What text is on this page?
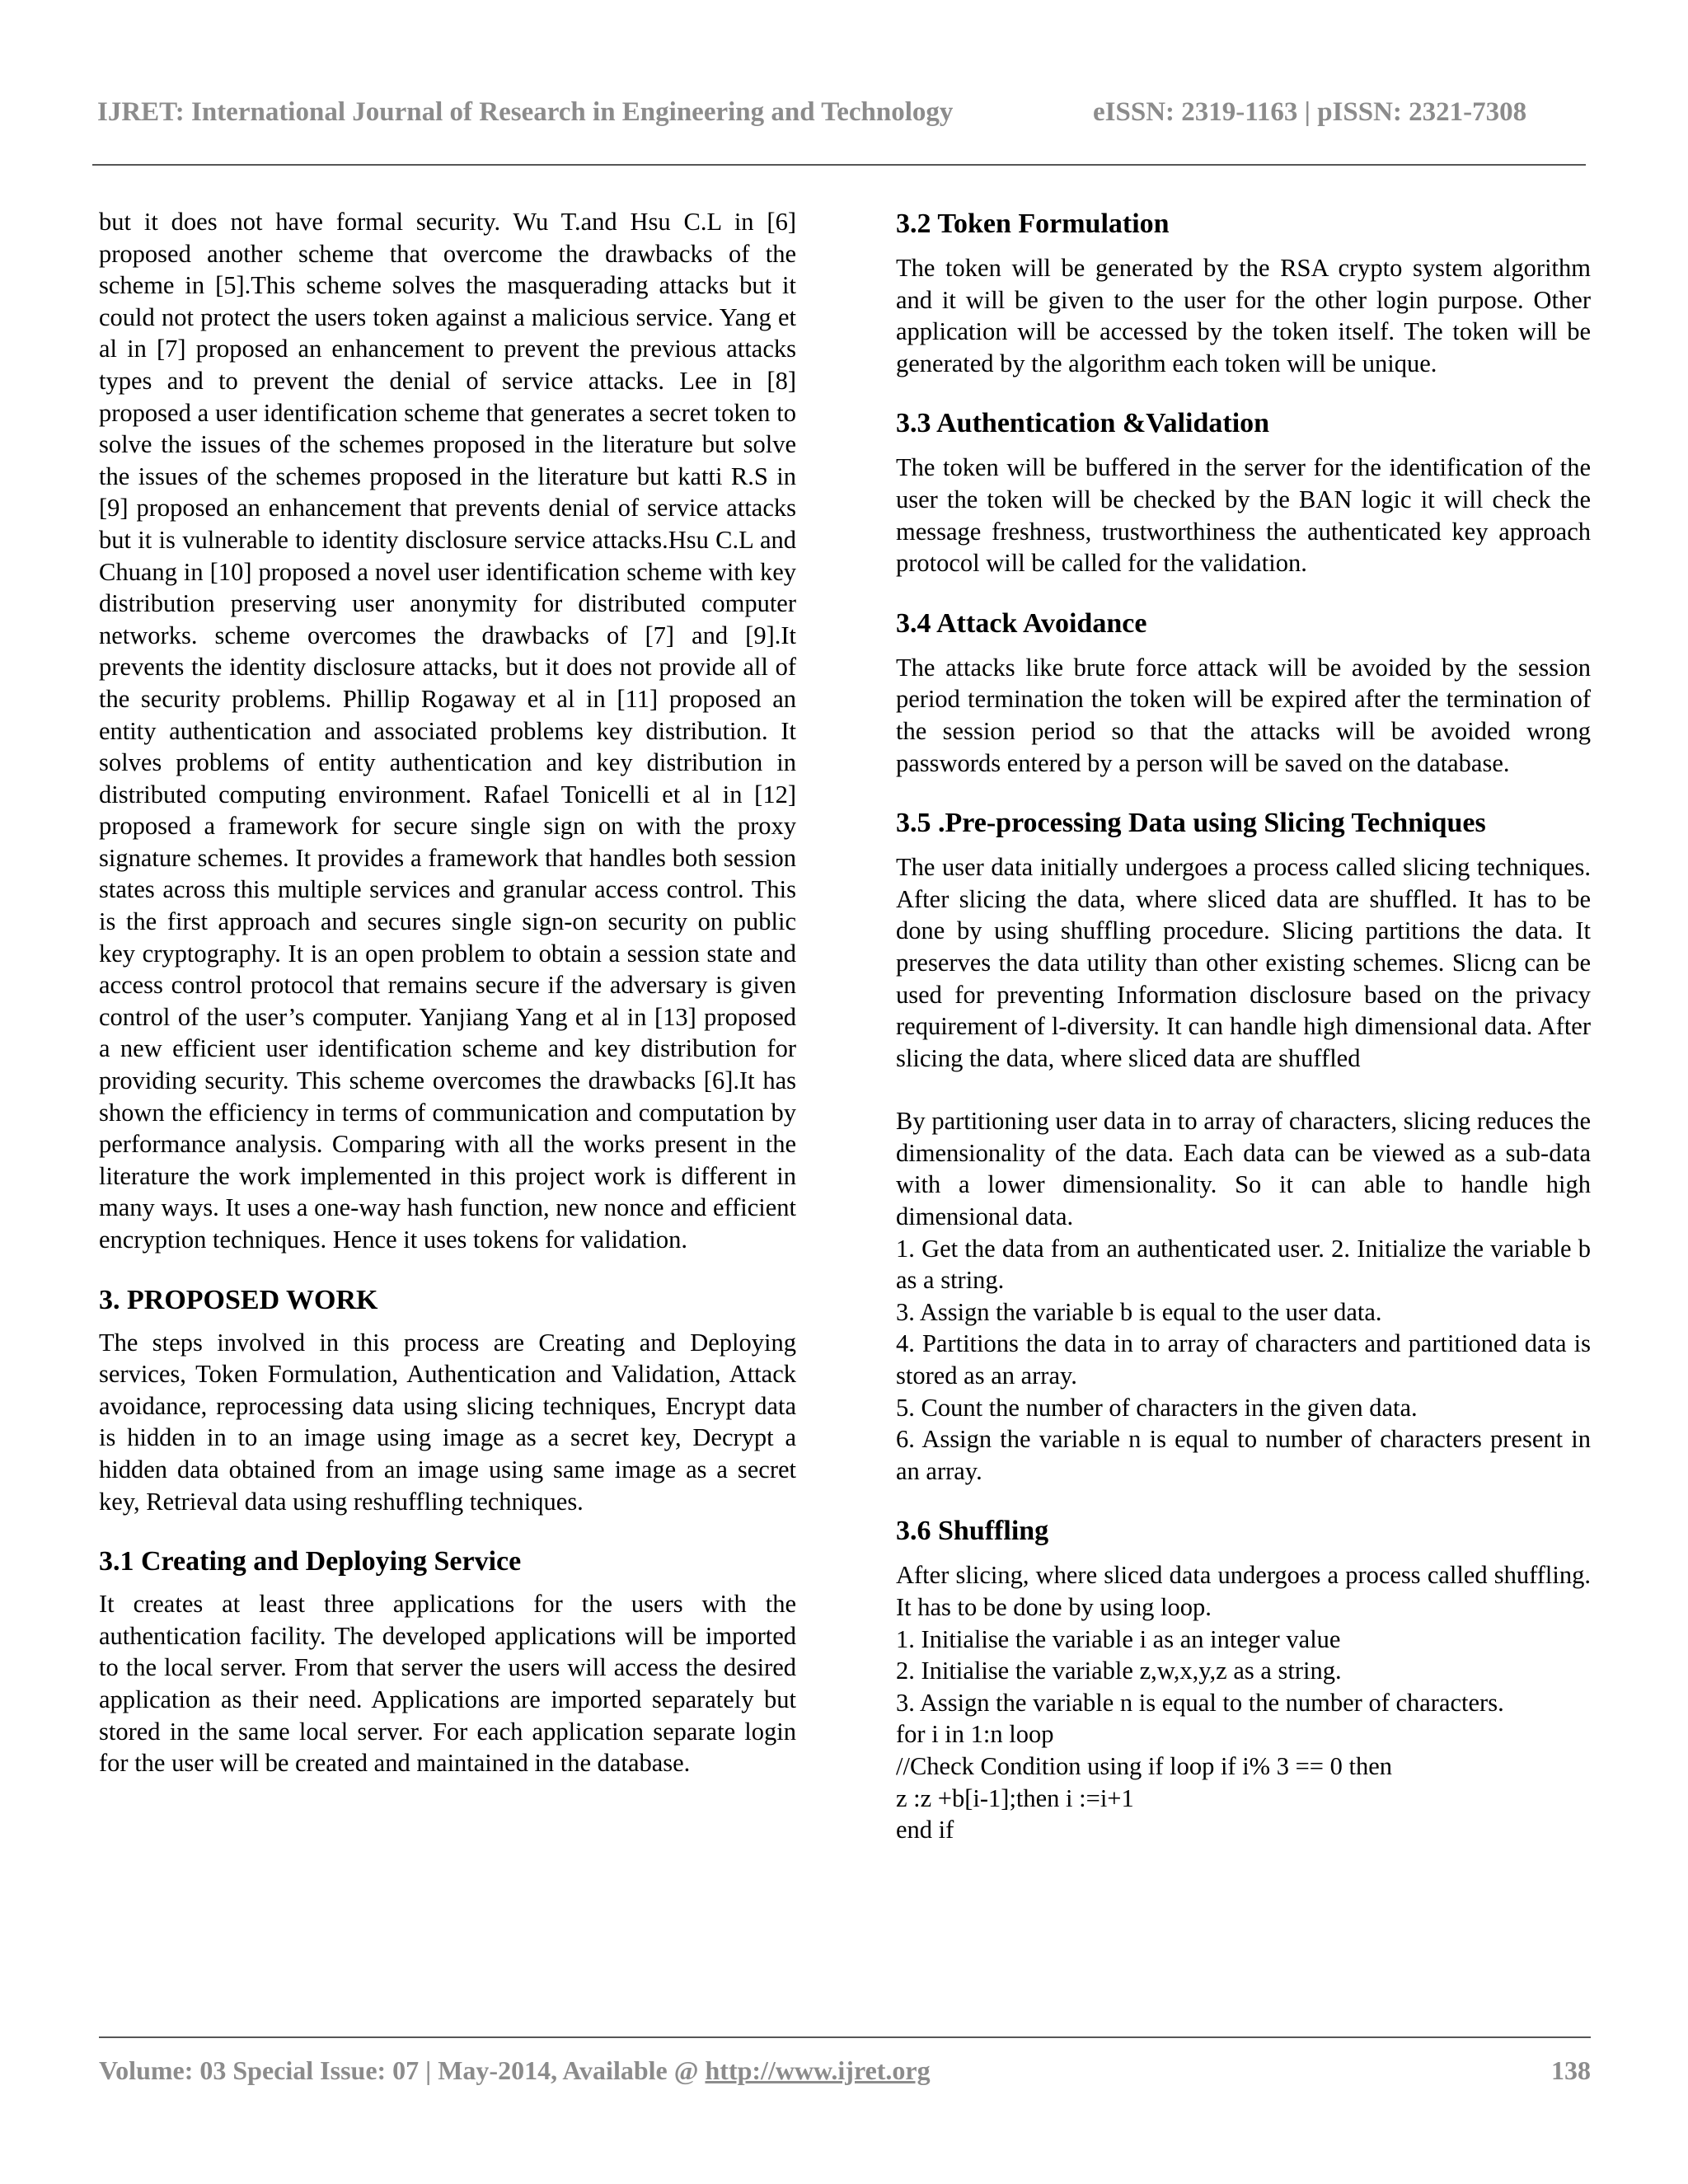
IJRET: International Journal of Research in Engineering and Technology	eISSN: 2319-1163 | pISSN: 2321-7308

but it does not have formal security. Wu T.and Hsu C.L in [6] proposed another scheme that overcome the drawbacks of the scheme in [5].This scheme solves the masquerading attacks but it could not protect the users token against a malicious service. Yang et al in [7] proposed an enhancement to prevent the previous attacks types and to prevent the denial of service attacks. Lee in [8] proposed a user identification scheme that generates a secret token to solve the issues of the schemes proposed in the literature but solve the issues of the schemes proposed in the literature but katti R.S in [9] proposed an enhancement that prevents denial of service attacks but it is vulnerable to identity disclosure service attacks.Hsu C.L and Chuang in [10] proposed a novel user identification scheme with key distribution preserving user anonymity for distributed computer networks. scheme overcomes the drawbacks of [7] and [9].It prevents the identity disclosure attacks, but it does not provide all of the security problems. Phillip Rogaway et al in [11] proposed an entity authentication and associated problems key distribution. It solves problems of entity authentication and key distribution in distributed computing environment. Rafael Tonicelli et al in [12] proposed a framework for secure single sign on with the proxy signature schemes. It provides a framework that handles both session states across this multiple services and granular access control. This is the first approach and secures single sign-on security on public key cryptography. It is an open problem to obtain a session state and access control protocol that remains secure if the adversary is given control of the user’s computer. Yanjiang Yang et al in [13] proposed a new efficient user identification scheme and key distribution for providing security. This scheme overcomes the drawbacks [6].It has shown the efficiency in terms of communication and computation by performance analysis. Comparing with all the works present in the literature the work implemented in this project work is different in many ways. It uses a one-way hash function, new nonce and efficient encryption techniques. Hence it uses tokens for validation.

3. PROPOSED WORK

The steps involved in this process are Creating and Deploying services, Token Formulation, Authentication and Validation, Attack avoidance, reprocessing data using slicing techniques, Encrypt data is hidden in to an image using image as a secret key, Decrypt a hidden data obtained from an image using same image as a secret key, Retrieval data using reshuffling techniques.

3.1 Creating and Deploying Service

It creates at least three applications for the users with the authentication facility. The developed applications will be imported to the local server. From that server the users will access the desired application as their need. Applications are imported separately but stored in the same local server. For each application separate login for the user will be created and maintained in the database.

3.2 Token Formulation

The token will be generated by the RSA crypto system algorithm and it will be given to the user for the other login purpose. Other application will be accessed by the token itself. The token will be generated by the algorithm each token will be unique.

3.3 Authentication &Validation

The token will be buffered in the server for the identification of the user the token will be checked by the BAN logic it will check the message freshness, trustworthiness the authenticated key approach protocol will be called for the validation.

3.4 Attack Avoidance

The attacks like brute force attack will be avoided by the session period termination the token will be expired after the termination of the session period so that the attacks will be avoided wrong passwords entered by a person will be saved on the database.

3.5 .Pre-processing Data using Slicing Techniques

The user data initially undergoes a process called slicing techniques. After slicing the data, where sliced data are shuffled. It has to be done by using shuffling procedure. Slicing partitions the data. It preserves the data utility than other existing schemes. Slicng can be used for preventing Information disclosure based on the privacy requirement of l-diversity. It can handle high dimensional data. After slicing the data, where sliced data are shuffled

By partitioning user data in to array of characters, slicing reduces the dimensionality of the data. Each data can be viewed as a sub-data with a lower dimensionality. So it can able to handle high dimensional data.

1. Get the data from an authenticated user. 2. Initialize the variable b as a string.

3. Assign the variable b is equal to the user data.

4. Partitions the data in to array of characters and partitioned data is stored as an array.

5. Count the number of characters in the given data.

6. Assign the variable n is equal to number of characters present in an array.

3.6 Shuffling

After slicing, where sliced data undergoes a process called shuffling. It has to be done by using loop.

1. Initialise the variable i as an integer value

2. Initialise the variable z,w,x,y,z as a string.

3. Assign the variable n is equal to the number of characters.

for i in 1:n loop

//Check Condition using if loop if i% 3 == 0 then

z :z +b[i-1];then i :=i+1

end if

Volume: 03 Special Issue: 07 | May-2014, Available @ http://www.ijret.org	138
